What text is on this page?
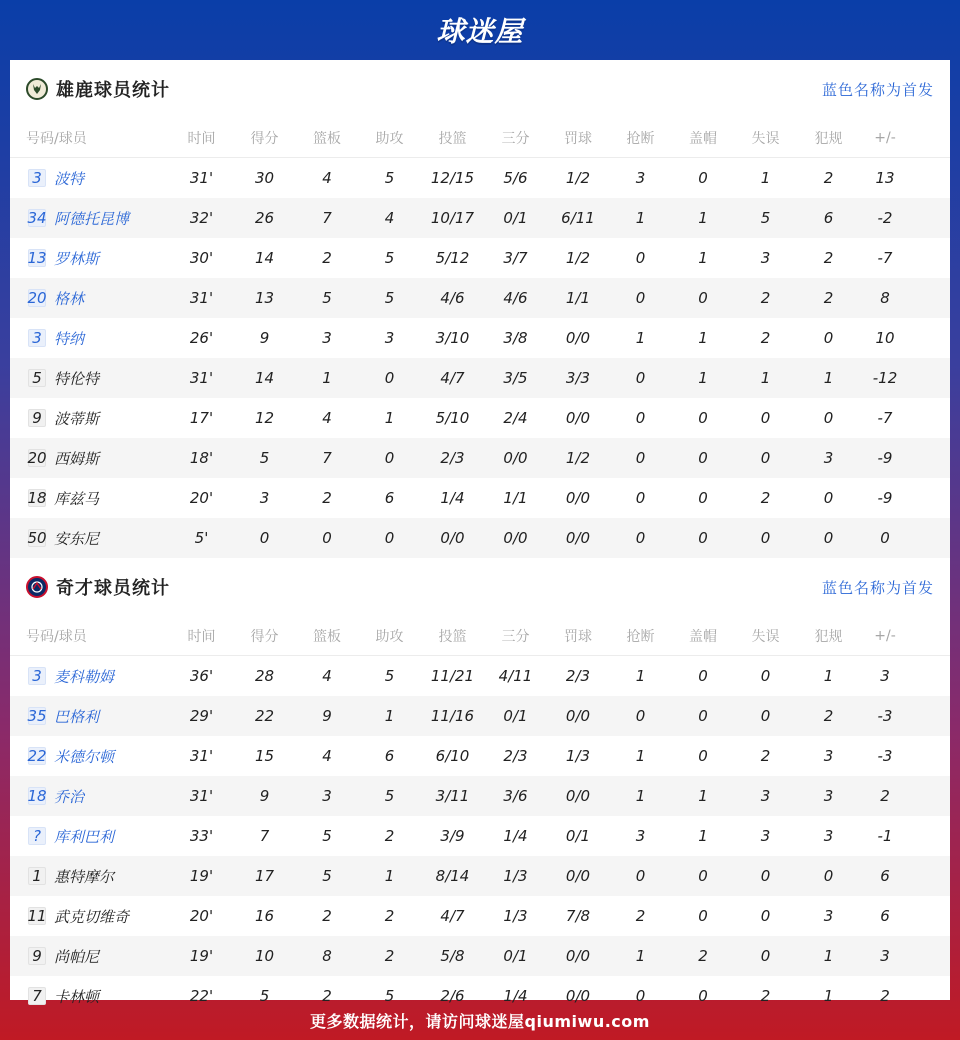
球迷屋
雄鹿球员统计	蓝色名称为首发
号码/球员	时间	得分	篮板	助攻	投篮	三分	罚球	抢断	盖帽	失误	犯规	+/-
3 波特	31'	30	4	5	12/15	5/6	1/2	3	0	1	2	13
34 阿德托昆博	32'	26	7	4	10/17	0/1	6/11	1	1	5	6	-2
13 罗林斯	30'	14	2	5	5/12	3/7	1/2	0	1	3	2	-7
20 格林	31'	13	5	5	4/6	4/6	1/1	0	0	2	2	8
3 特纳	26'	9	3	3	3/10	3/8	0/0	1	1	2	0	10
5 特伦特	31'	14	1	0	4/7	3/5	3/3	0	1	1	1	-12
9 波蒂斯	17'	12	4	1	5/10	2/4	0/0	0	0	0	0	-7
20 西姆斯	18'	5	7	0	2/3	0/0	1/2	0	0	0	3	-9
18 库兹马	20'	3	2	6	1/4	1/1	0/0	0	0	2	0	-9
50 安东尼	5'	0	0	0	0/0	0/0	0/0	0	0	0	0	0
奇才球员统计	蓝色名称为首发
号码/球员	时间	得分	篮板	助攻	投篮	三分	罚球	抢断	盖帽	失误	犯规	+/-
3 麦科勒姆	36'	28	4	5	11/21	4/11	2/3	1	0	0	1	3
35 巴格利	29'	22	9	1	11/16	0/1	0/0	0	0	0	2	-3
22 米德尔顿	31'	15	4	6	6/10	2/3	1/3	1	0	2	3	-3
18 乔治	31'	9	3	5	3/11	3/6	0/0	1	1	3	3	2
? 库利巴利	33'	7	5	2	3/9	1/4	0/1	3	1	3	3	-1
1 惠特摩尔	19'	17	5	1	8/14	1/3	0/0	0	0	0	0	6
11 武克切维奇	20'	16	2	2	4/7	1/3	7/8	2	0	0	3	6
9 尚帕尼	19'	10	8	2	5/8	0/1	0/0	1	2	0	1	3
7 卡林顿	22'	5	2	5	2/6	1/4	0/0	0	0	2	1	2
更多数据统计，请访问球迷屋qiumiwu.com
